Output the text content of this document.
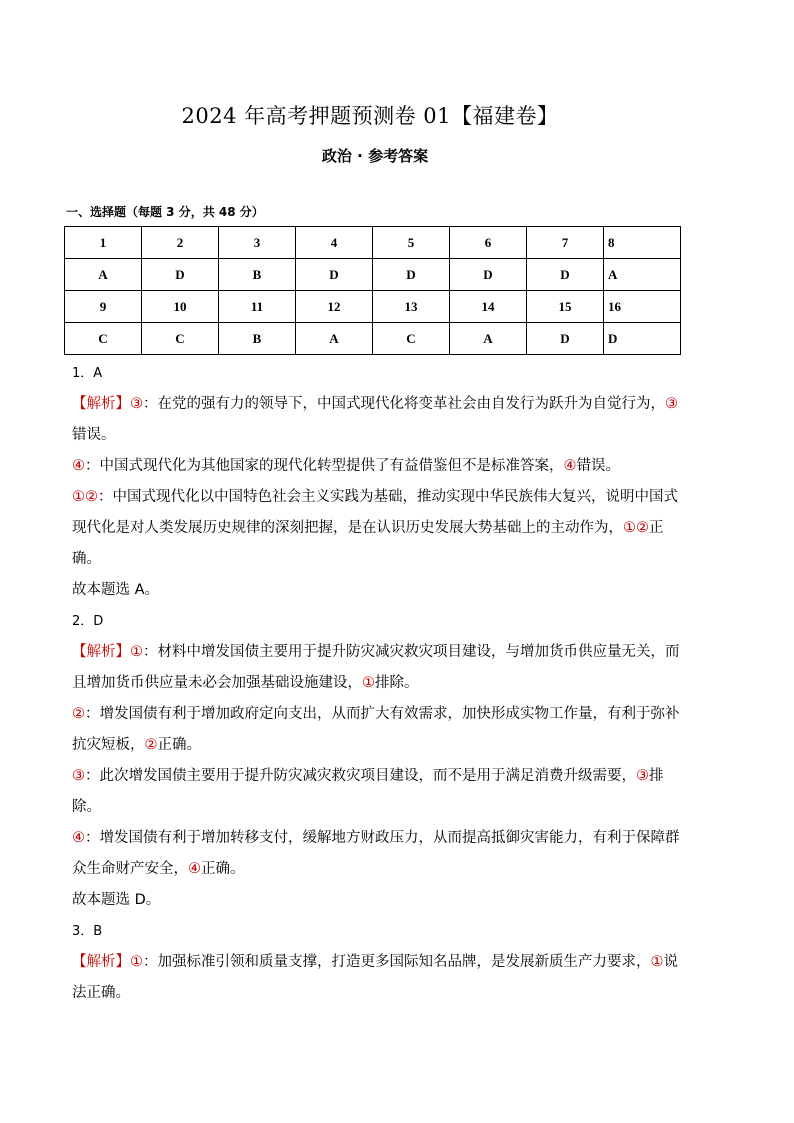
2024 年高考押题预测卷 01【福建卷】
政治 · 参考答案
一、选择题（每题 3 分，共 48 分）
1	2	3	4	5	6	7	8
A	D	B	D	D	D	D	A
9	10	11	12	13	14	15	16
C	C	B	A	C	A	D	D

1．A

【解析】③：在党的强有力的领导下，中国式现代化将变革社会由自发行为跃升为自觉行为，③错误。

④：中国式现代化为其他国家的现代化转型提供了有益借鉴但不是标准答案，④错误。

①②：中国式现代化以中国特色社会主义实践为基础，推动实现中华民族伟大复兴，说明中国式现代化是对人类发展历史规律的深刻把握，是在认识历史发展大势基础上的主动作为，①②正确。

故本题选 A。

2．D

【解析】①：材料中增发国债主要用于提升防灾减灾救灾项目建设，与增加货币供应量无关，而且增加货币供应量未必会加强基础设施建设，①排除。

②：增发国债有利于增加政府定向支出，从而扩大有效需求，加快形成实物工作量，有利于弥补抗灾短板，②正确。

③：此次增发国债主要用于提升防灾减灾救灾项目建设，而不是用于满足消费升级需要，③排除。

④：增发国债有利于增加转移支付，缓解地方财政压力，从而提高抵御灾害能力，有利于保障群众生命财产安全，④正确。

故本题选 D。

3．B

【解析】①：加强标准引领和质量支撑，打造更多国际知名品牌，是发展新质生产力要求，①说法正确。
